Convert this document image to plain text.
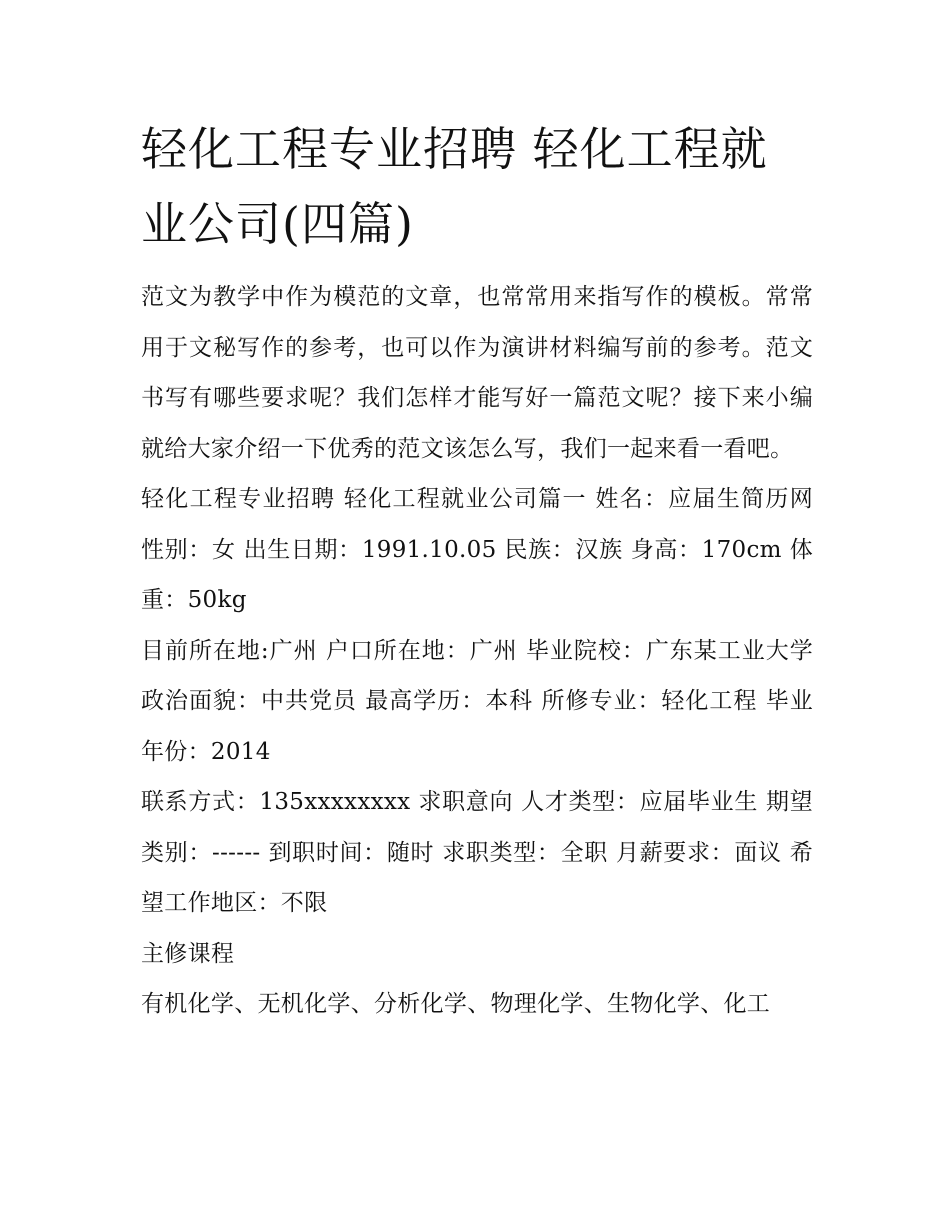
轻化工程专业招聘 轻化工程就业公司(四篇)

范文为教学中作为模范的文章，也常常用来指写作的模板。常常用于文秘写作的参考，也可以作为演讲材料编写前的参考。范文书写有哪些要求呢？我们怎样才能写好一篇范文呢？接下来小编就给大家介绍一下优秀的范文该怎么写，我们一起来看一看吧。

轻化工程专业招聘 轻化工程就业公司篇一 姓名：应届生简历网 性别：女 出生日期：1991.10.05 民族：汉族 身高：170cm 体重：50kg

目前所在地:广州 户口所在地：广州 毕业院校：广东某工业大学 政治面貌：中共党员 最高学历：本科 所修专业：轻化工程 毕业年份：2014

联系方式：135xxxxxxxx 求职意向 人才类型：应届毕业生 期望类别：------ 到职时间：随时 求职类型：全职 月薪要求：面议 希望工作地区：不限

主修课程

有机化学、无机化学、分析化学、物理化学、生物化学、化工
